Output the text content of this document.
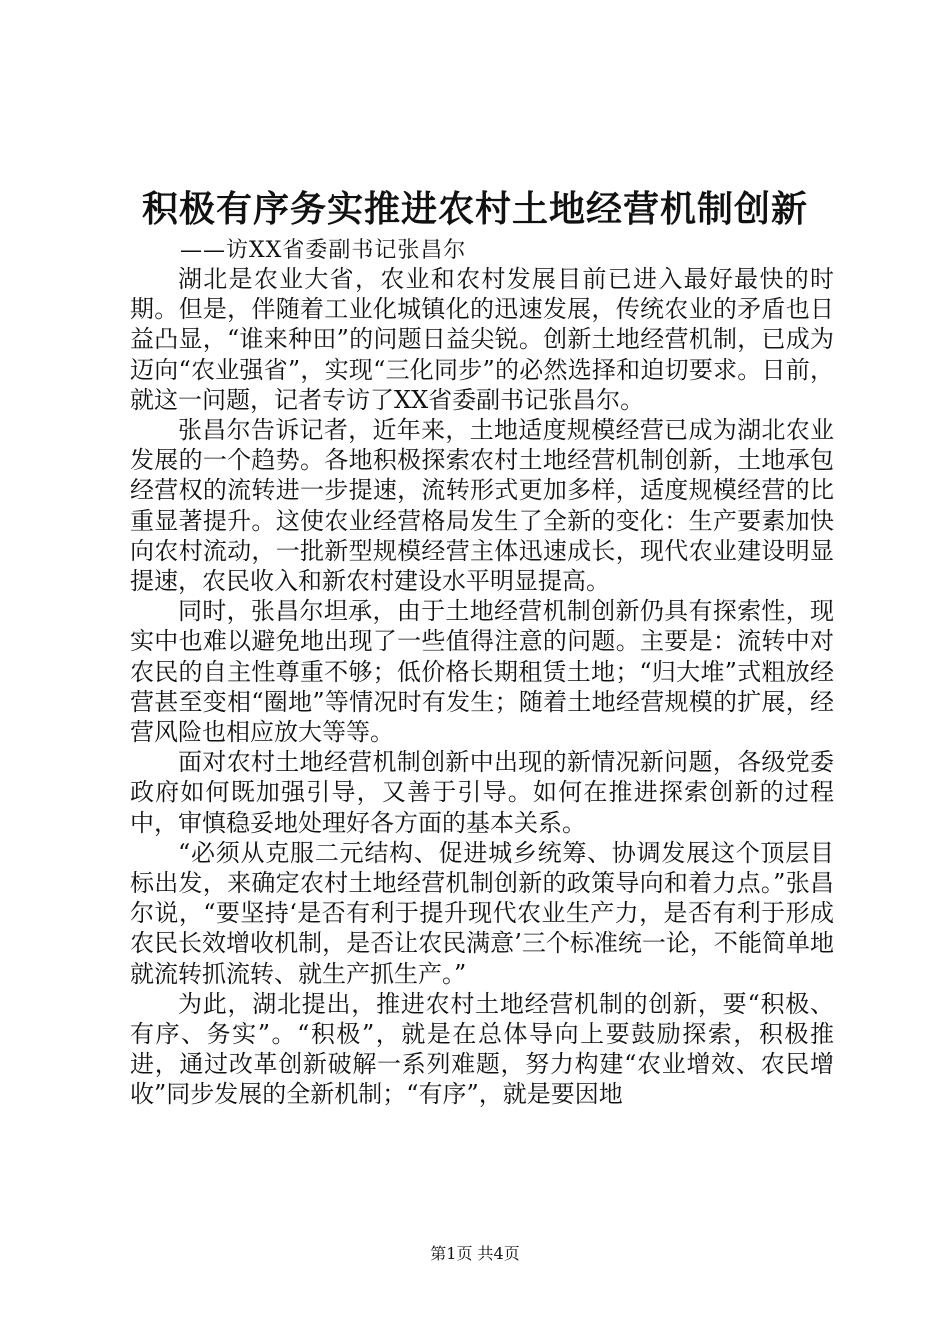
积极有序务实推进农村土地经营机制创新
——访XX省委副书记张昌尔

湖北是农业大省，农业和农村发展目前已进入最好最快的时期。但是，伴随着工业化城镇化的迅速发展，传统农业的矛盾也日益凸显，“谁来种田”的问题日益尖锐。创新土地经营机制，已成为迈向“农业强省”，实现“三化同步”的必然选择和迫切要求。日前，就这一问题，记者专访了XX省委副书记张昌尔。

张昌尔告诉记者，近年来，土地适度规模经营已成为湖北农业发展的一个趋势。各地积极探索农村土地经营机制创新，土地承包经营权的流转进一步提速，流转形式更加多样，适度规模经营的比重显著提升。这使农业经营格局发生了全新的变化：生产要素加快向农村流动，一批新型规模经营主体迅速成长，现代农业建设明显提速，农民收入和新农村建设水平明显提高。

同时，张昌尔坦承，由于土地经营机制创新仍具有探索性，现实中也难以避免地出现了一些值得注意的问题。主要是：流转中对农民的自主性尊重不够；低价格长期租赁土地；“归大堆”式粗放经营甚至变相“圈地”等情况时有发生；随着土地经营规模的扩展，经营风险也相应放大等等。

面对农村土地经营机制创新中出现的新情况新问题，各级党委政府如何既加强引导，又善于引导。如何在推进探索创新的过程中，审慎稳妥地处理好各方面的基本关系。

“必须从克服二元结构、促进城乡统筹、协调发展这个顶层目标出发，来确定农村土地经营机制创新的政策导向和着力点。”张昌尔说，“要坚持‘是否有利于提升现代农业生产力，是否有利于形成农民长效增收机制，是否让农民满意’三个标准统一论，不能简单地就流转抓流转、就生产抓生产。”

为此，湖北提出，推进农村土地经营机制的创新，要“积极、有序、务实”。“积极”，就是在总体导向上要鼓励探索，积极推进，通过改革创新破解一系列难题，努力构建“农业增效、农民增收”同步发展的全新机制；“有序”，就是要因地

第1页 共4页
